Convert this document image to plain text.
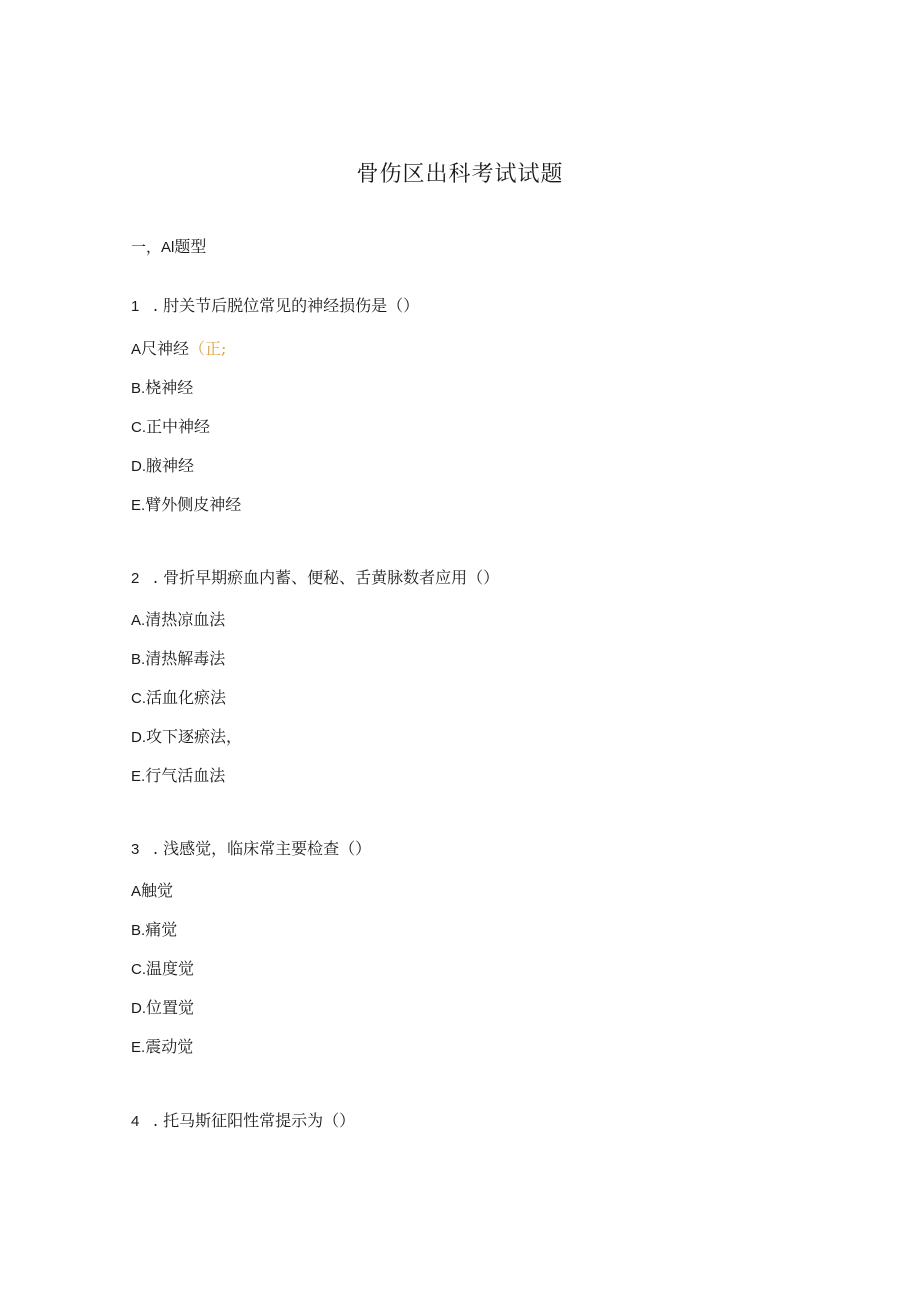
骨伤区出科考试试题
一，Al题型
1 . 肘关节后脱位常见的神经损伤是（）
A尺神经（正;
B.桡神经
C.正中神经
D.腋神经
E.臂外侧皮神经
2 . 骨折早期瘀血内蓄、便秘、舌黄脉数者应用（）
A.清热凉血法
B.清热解毒法
C.活血化瘀法
D.攻下逐瘀法，
E.行气活血法
3 . 浅感觉，临床常主要检查（）
A触觉
B.痛觉
C.温度觉
D.位置觉
E.震动觉
4 . 托马斯征阳性常提示为（）
